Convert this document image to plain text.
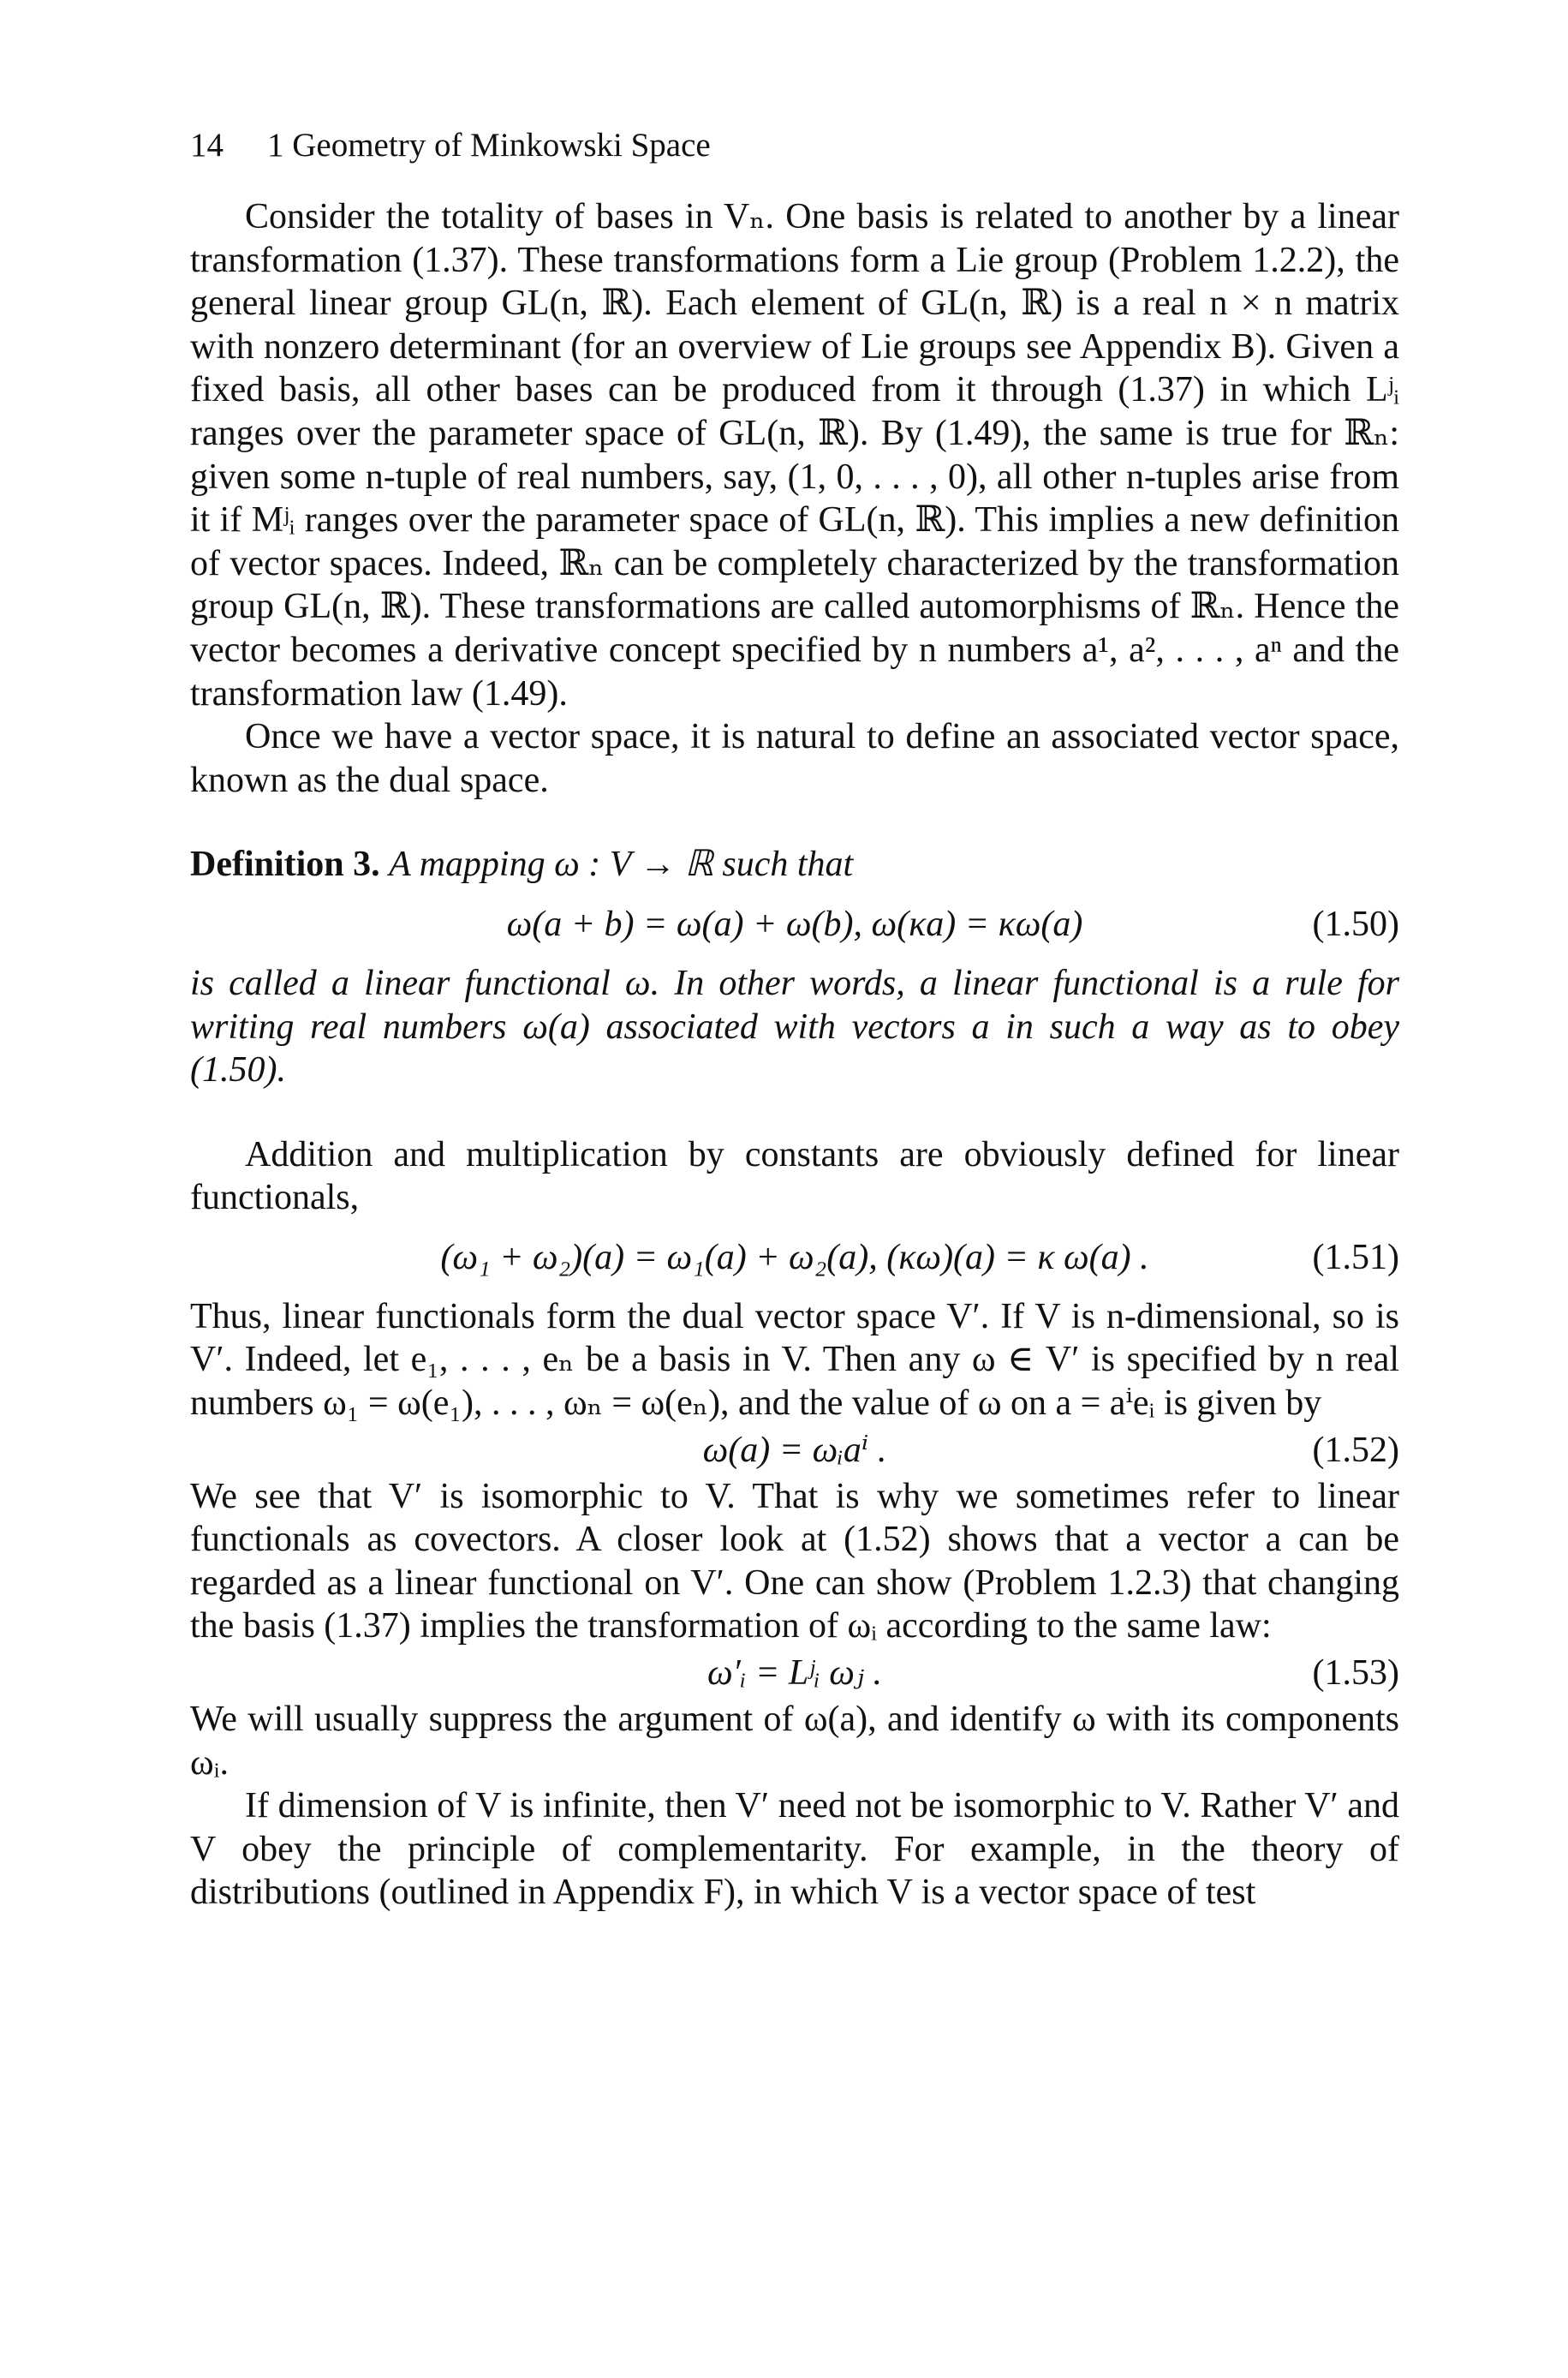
14 1 Geometry of Minkowski Space

Consider the totality of bases in Vₙ. One basis is related to another by a linear transformation (1.37). These transformations form a Lie group (Problem 1.2.2), the general linear group GL(n, ℝ). Each element of GL(n, ℝ) is a real n × n matrix with nonzero determinant (for an overview of Lie groups see Appendix B). Given a fixed basis, all other bases can be produced from it through (1.37) in which Lʲᵢ ranges over the parameter space of GL(n, ℝ). By (1.49), the same is true for ℝₙ: given some n-tuple of real numbers, say, (1, 0, . . . , 0), all other n-tuples arise from it if Mʲᵢ ranges over the parameter space of GL(n, ℝ). This implies a new definition of vector spaces. Indeed, ℝₙ can be completely characterized by the transformation group GL(n, ℝ). These transformations are called automorphisms of ℝₙ. Hence the vector becomes a derivative concept specified by n numbers a¹, a², . . . , aⁿ and the transformation law (1.49).

Once we have a vector space, it is natural to define an associated vector space, known as the dual space.

Definition 3. A mapping ω : V → ℝ such that

ω(a + b) = ω(a) + ω(b), ω(κa) = κω(a)	(1.50)

is called a linear functional ω. In other words, a linear functional is a rule for writing real numbers ω(a) associated with vectors a in such a way as to obey (1.50).

Addition and multiplication by constants are obviously defined for linear functionals,

(ω₁ + ω₂)(a) = ω₁(a) + ω₂(a), (κω)(a) = κ ω(a) .	(1.51)

Thus, linear functionals form the dual vector space V′. If V is n-dimensional, so is V′. Indeed, let e₁, . . . , eₙ be a basis in V. Then any ω ∈ V′ is specified by n real numbers ω₁ = ω(e₁), . . . , ωₙ = ω(eₙ), and the value of ω on a = aⁱeᵢ is given by

ω(a) = ωᵢaⁱ .	(1.52)

We see that V′ is isomorphic to V. That is why we sometimes refer to linear functionals as covectors. A closer look at (1.52) shows that a vector a can be regarded as a linear functional on V′. One can show (Problem 1.2.3) that changing the basis (1.37) implies the transformation of ωᵢ according to the same law:

ω′ᵢ = Lʲᵢ ωⱼ .	(1.53)

We will usually suppress the argument of ω(a), and identify ω with its components ωᵢ.

If dimension of V is infinite, then V′ need not be isomorphic to V. Rather V′ and V obey the principle of complementarity. For example, in the theory of distributions (outlined in Appendix F), in which V is a vector space of test
